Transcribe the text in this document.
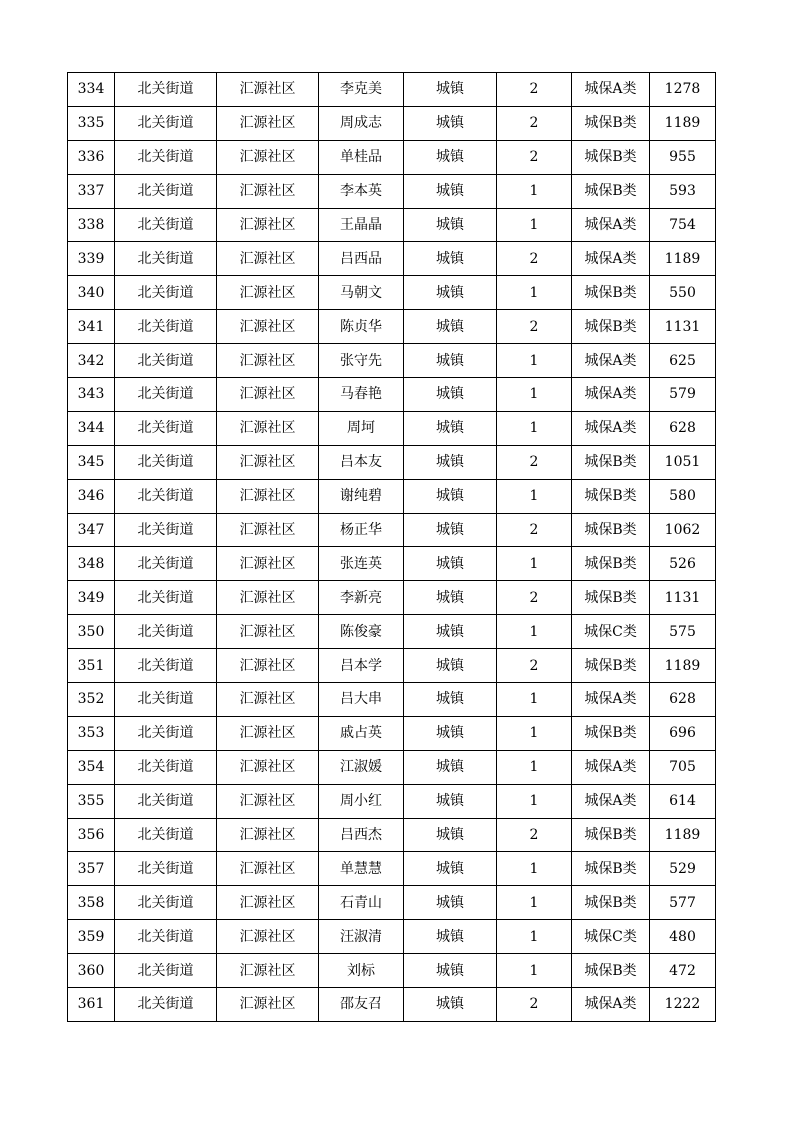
334	北关街道	汇源社区	李克美	城镇	2	城保A类	1278
335	北关街道	汇源社区	周成志	城镇	2	城保B类	1189
336	北关街道	汇源社区	单桂品	城镇	2	城保B类	955
337	北关街道	汇源社区	李本英	城镇	1	城保B类	593
338	北关街道	汇源社区	王晶晶	城镇	1	城保A类	754
339	北关街道	汇源社区	吕西品	城镇	2	城保A类	1189
340	北关街道	汇源社区	马朝文	城镇	1	城保B类	550
341	北关街道	汇源社区	陈贞华	城镇	2	城保B类	1131
342	北关街道	汇源社区	张守先	城镇	1	城保A类	625
343	北关街道	汇源社区	马春艳	城镇	1	城保A类	579
344	北关街道	汇源社区	周坷	城镇	1	城保A类	628
345	北关街道	汇源社区	吕本友	城镇	2	城保B类	1051
346	北关街道	汇源社区	谢纯碧	城镇	1	城保B类	580
347	北关街道	汇源社区	杨正华	城镇	2	城保B类	1062
348	北关街道	汇源社区	张连英	城镇	1	城保B类	526
349	北关街道	汇源社区	李新亮	城镇	2	城保B类	1131
350	北关街道	汇源社区	陈俊豪	城镇	1	城保C类	575
351	北关街道	汇源社区	吕本学	城镇	2	城保B类	1189
352	北关街道	汇源社区	吕大串	城镇	1	城保A类	628
353	北关街道	汇源社区	戚占英	城镇	1	城保B类	696
354	北关街道	汇源社区	江淑媛	城镇	1	城保A类	705
355	北关街道	汇源社区	周小红	城镇	1	城保A类	614
356	北关街道	汇源社区	吕西杰	城镇	2	城保B类	1189
357	北关街道	汇源社区	单慧慧	城镇	1	城保B类	529
358	北关街道	汇源社区	石青山	城镇	1	城保B类	577
359	北关街道	汇源社区	汪淑清	城镇	1	城保C类	480
360	北关街道	汇源社区	刘标	城镇	1	城保B类	472
361	北关街道	汇源社区	邵友召	城镇	2	城保A类	1222
